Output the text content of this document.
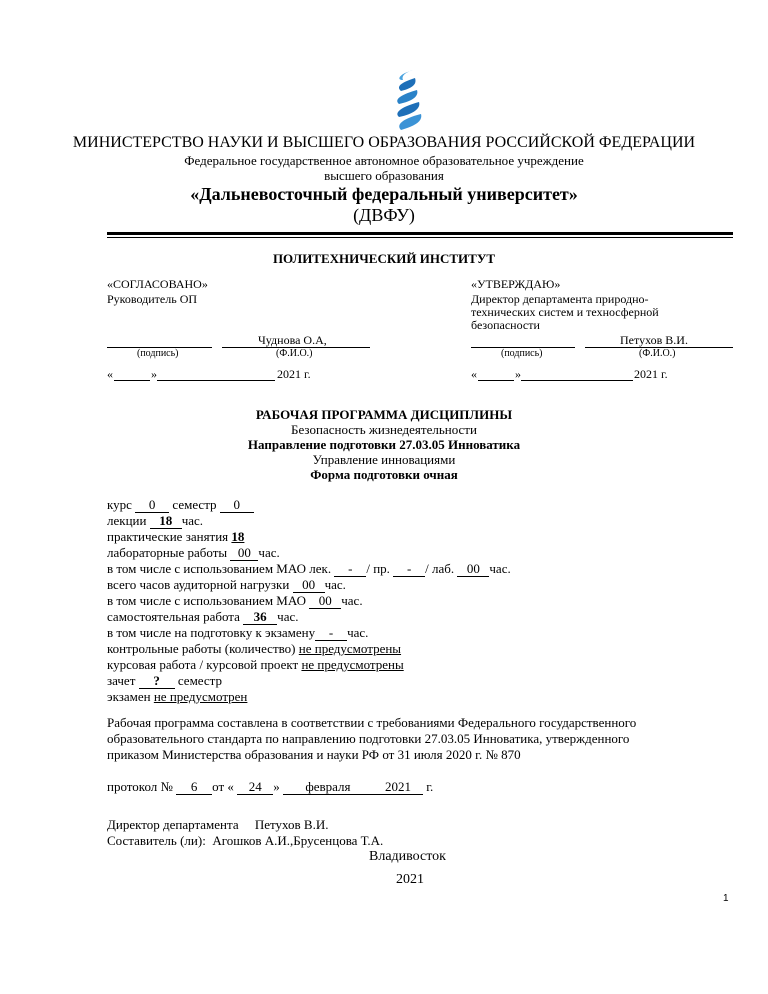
МИНИСТЕРСТВО НАУКИ И ВЫСШЕГО ОБРАЗОВАНИЯ РОССИЙСКОЙ ФЕДЕРАЦИИ
Федеральное государственное автономное образовательное учреждение
высшего образования
«Дальневосточный федеральный университет»
(ДВФУ)
ПОЛИТЕХНИЧЕСКИЙ ИНСТИТУТ
«СОГЛАСОВАНО»
Руководитель ОП
Чуднова О.А,
(подпись)	(Ф.И.О.)
«	»	2021 г.
«УТВЕРЖДАЮ»
Директор департамента природно-
технических систем и техносферной
безопасности
Петухов В.И.
(подпись)	(Ф.И.О.)
«	»	2021 г.
РАБОЧАЯ ПРОГРАММА ДИСЦИПЛИНЫ
Безопасность жизнедеятельности
Направление подготовки 27.03.05 Инноватика
Управление инновациями
Форма подготовки очная
курс 0 семестр 0
лекции 18 час.
практические занятия 18
лабораторные работы 00 час.
в том числе с использованием МАО лек. - / пр. - / лаб. 00 час.
всего часов аудиторной нагрузки 00 час.
в том числе с использованием МАО 00 час.
самостоятельная работа 36 час.
в том числе на подготовку к экзамену - час.
контрольные работы (количество) не предусмотрены
курсовая работа / курсовой проект не предусмотрены
зачет ? семестр
экзамен не предусмотрен
Рабочая программа составлена в соответствии с требованиями Федерального государственного
образовательного стандарта по направлению подготовки 27.03.05 Инноватика, утвержденного
приказом Министерства образования и науки РФ от 31 июля 2020 г. № 870
протокол № 6 от « 24 » февраля	2021 г.
Директор департамента Петухов В.И.
Составитель (ли): Агошков А.И.,Брусенцова Т.А.
Владивосток
2021
1
